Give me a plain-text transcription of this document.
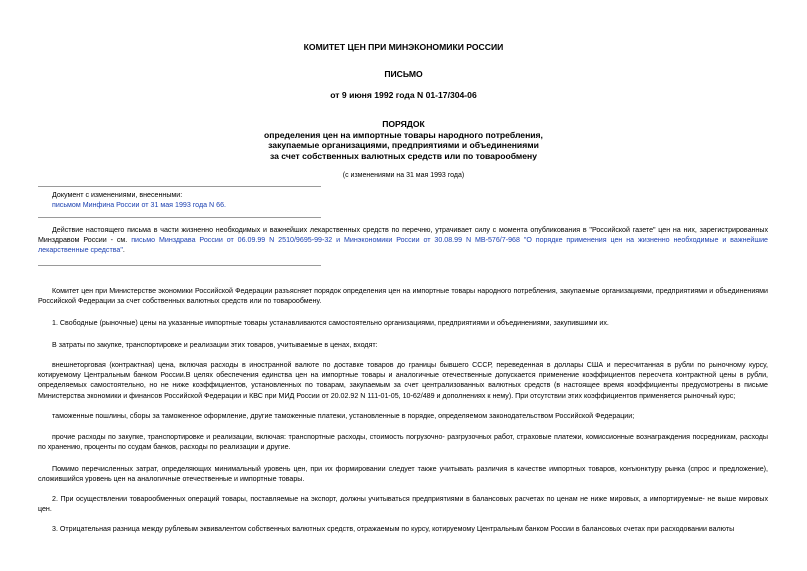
КОМИТЕТ ЦЕН ПРИ МИНЭКОНОМИКИ РОССИИ
ПИСЬМО
от 9 июня 1992 года N 01-17/304-06
ПОРЯДОК
определения цен на импортные товары народного потребления,
закупаемые организациями, предприятиями и объединениями
за счет собственных валютных средств или по товарообмену
(с изменениями на 31 мая 1993 года)
Документ с изменениями, внесенными:
письмом Минфина России от 31 мая 1993 года N 66.
Действие настоящего письма в части жизненно необходимых и важнейших лекарственных средств по перечню, утрачивает силу с момента опубликования в "Российской газете" цен на них, зарегистрированных Минздравом России - см. письмо Минздрава России от 06.09.99 N 2510/9695-99-32 и Минэкономики России от 30.08.99 N МВ-576/7-968 "О порядке применения цен на жизненно необходимые и важнейшие лекарственные средства".
Комитет цен при Министерстве экономики Российской Федерации разъясняет порядок определения цен на импортные товары народного потребления, закупаемые организациями, предприятиями и объединениями Российской Федерации за счет собственных валютных средств или по товарообмену.
1. Свободные (рыночные) цены на указанные импортные товары устанавливаются самостоятельно организациями, предприятиями и объединениями, закупившими их.
В затраты по закупке, транспортировке и реализации этих товаров, учитываемые в ценах, входят:
внешнеторговая (контрактная) цена, включая расходы в иностранной валюте по доставке товаров до границы бывшего СССР, переведенная в доллары США и пересчитанная в рубли по рыночному курсу, котируемому Центральным банком России.В целях обеспечения единства цен на импортные товары и аналогичные отечественные допускается применение коэффициентов пересчета контрактной цены в рубли, определяемых самостоятельно, но не ниже коэффициентов, установленных по товарам, закупаемым за счет централизованных валютных средств (в настоящее время коэффициенты предусмотрены в письме Министерства экономики и финансов Российской Федерации и КВС при МИД России от 20.02.92 N 111-01-05, 10-62/489 и дополнениях к нему). При отсутствии этих коэффициентов применяется рыночный курс;
таможенные пошлины, сборы за таможенное оформление, другие таможенные платежи, установленные в порядке, определяемом законодательством Российской Федерации;
прочие расходы по закупке, транспортировке и реализации, включая: транспортные расходы, стоимость погрузочно- разгрузочных работ, страховые платежи, комиссионные вознаграждения посредникам, расходы по хранению, проценты по ссудам банков, расходы по реализации и другие.
Помимо перечисленных затрат, определяющих минимальный уровень цен, при их формировании следует также учитывать различия в качестве импортных товаров, конъюнктуру рынка (спрос и предложение), сложившийся уровень цен на аналогичные отечественные и импортные товары.
2. При осуществлении товарообменных операций товары, поставляемые на экспорт, должны учитываться предприятиями в балансовых расчетах по ценам не ниже мировых, а импортируемые- не выше мировых цен.
3. Отрицательная разница между рублевым эквивалентом собственных валютных средств, отражаемым по курсу, котируемому Центральным банком России в балансовых счетах при расходовании валюты
